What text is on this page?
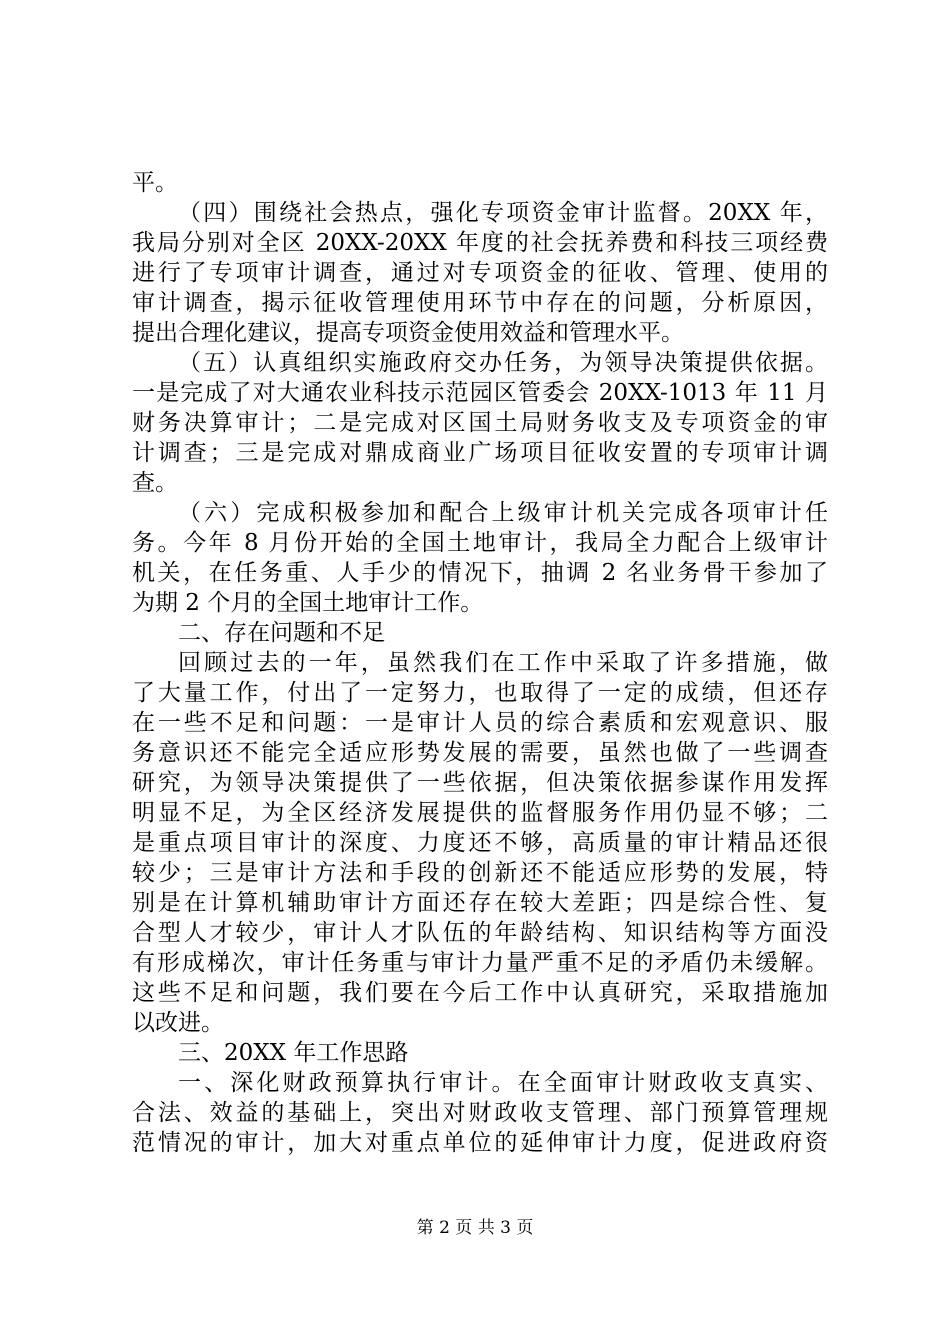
平。
（四）围绕社会热点，强化专项资金审计监督。20XX 年，
我局分别对全区 20XX-20XX 年度的社会抚养费和科技三项经费
进行了专项审计调查，通过对专项资金的征收、管理、使用的
审计调查，揭示征收管理使用环节中存在的问题，分析原因，
提出合理化建议，提高专项资金使用效益和管理水平。
（五）认真组织实施政府交办任务，为领导决策提供依据。
一是完成了对大通农业科技示范园区管委会 20XX-1013 年 11 月
财务决算审计；二是完成对区国土局财务收支及专项资金的审
计调查；三是完成对鼎成商业广场项目征收安置的专项审计调
查。
（六）完成积极参加和配合上级审计机关完成各项审计任
务。今年 8 月份开始的全国土地审计，我局全力配合上级审计
机关，在任务重、人手少的情况下，抽调 2 名业务骨干参加了
为期 2 个月的全国土地审计工作。
二、存在问题和不足
回顾过去的一年，虽然我们在工作中采取了许多措施，做
了大量工作，付出了一定努力，也取得了一定的成绩，但还存
在一些不足和问题：一是审计人员的综合素质和宏观意识、服
务意识还不能完全适应形势发展的需要，虽然也做了一些调查
研究，为领导决策提供了一些依据，但决策依据参谋作用发挥
明显不足，为全区经济发展提供的监督服务作用仍显不够；二
是重点项目审计的深度、力度还不够，高质量的审计精品还很
较少；三是审计方法和手段的创新还不能适应形势的发展，特
别是在计算机辅助审计方面还存在较大差距；四是综合性、复
合型人才较少，审计人才队伍的年龄结构、知识结构等方面没
有形成梯次，审计任务重与审计力量严重不足的矛盾仍未缓解。
这些不足和问题，我们要在今后工作中认真研究，采取措施加
以改进。
三、20XX 年工作思路
一、深化财政预算执行审计。在全面审计财政收支真实、
合法、效益的基础上，突出对财政收支管理、部门预算管理规
范情况的审计，加大对重点单位的延伸审计力度，促进政府资
第 2 页 共 3 页
